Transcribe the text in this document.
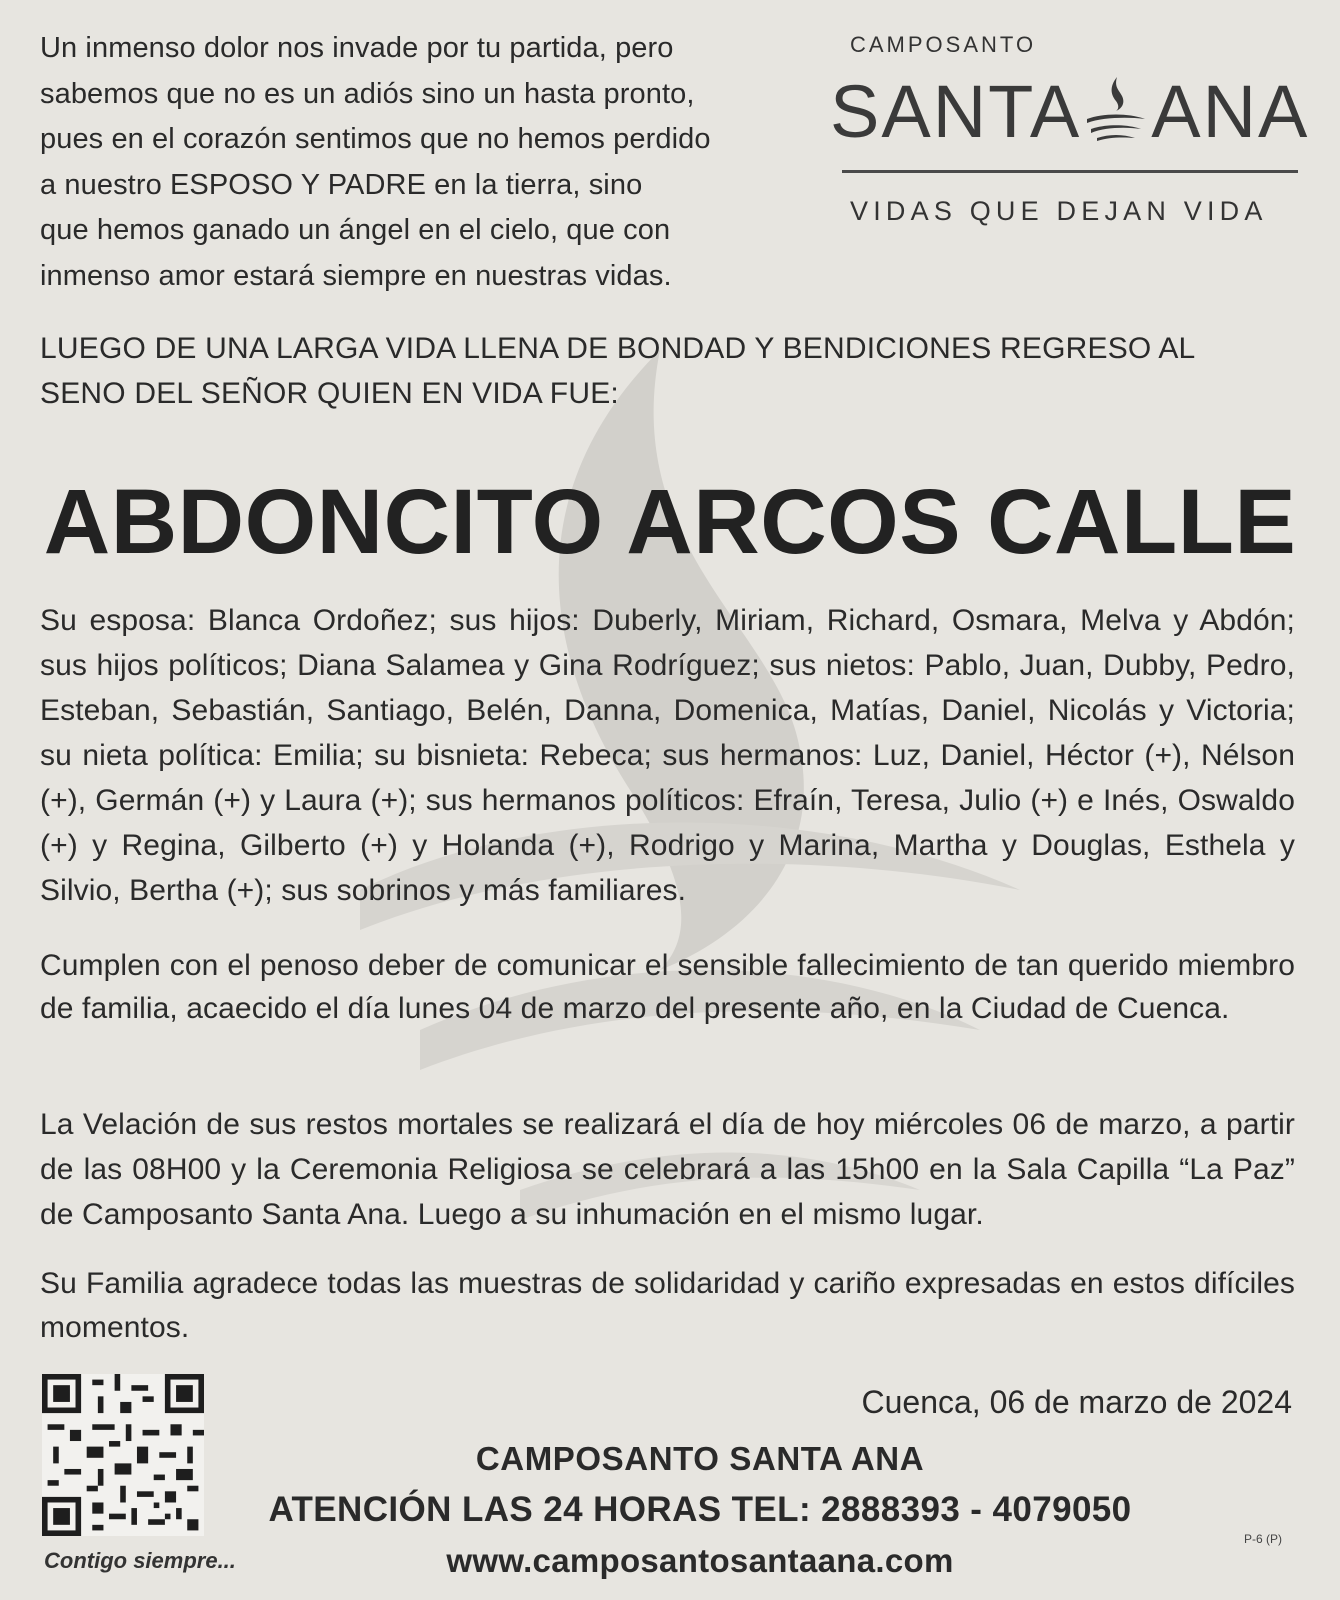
Un inmenso dolor nos invade por tu partida, pero
sabemos que no es un adiós sino un hasta pronto,
pues en el corazón sentimos que no hemos perdido
a nuestro ESPOSO Y PADRE en la tierra, sino
que hemos ganado un ángel en el cielo, que con
inmenso amor estará siempre en nuestras vidas.

CAMPOSANTO

SANTA ANA

VIDAS QUE DEJAN VIDA

LUEGO DE UNA LARGA VIDA LLENA DE BONDAD Y BENDICIONES REGRESO AL
SENO DEL SEÑOR QUIEN EN VIDA FUE:

ABDONCITO ARCOS CALLE

Su esposa: Blanca Ordoñez; sus hijos: Duberly, Miriam, Richard, Osmara, Melva y Abdón; sus hijos políticos; Diana Salamea y Gina Rodríguez; sus nietos: Pablo, Juan, Dubby, Pedro, Esteban, Sebastián, Santiago, Belén, Danna, Domenica, Matías, Daniel, Nicolás y Victoria; su nieta política: Emilia; su bisnieta: Rebeca; sus hermanos: Luz, Daniel, Héctor (+), Nélson (+), Germán (+) y Laura (+); sus hermanos políticos: Efraín, Teresa, Julio (+) e Inés, Oswaldo (+) y Regina, Gilberto (+) y Holanda (+), Rodrigo y Marina, Martha y Douglas, Esthela y Silvio, Bertha (+); sus sobrinos y más familiares.

Cumplen con el penoso deber de comunicar el sensible fallecimiento de tan querido miembro de familia, acaecido el día lunes 04 de marzo del presente año, en la Ciudad de Cuenca.

La Velación de sus restos mortales se realizará el día de hoy miércoles 06 de marzo, a partir de las 08H00 y la Ceremonia Religiosa se celebrará a las 15h00 en la Sala Capilla “La Paz” de Camposanto Santa Ana. Luego a su inhumación en el mismo lugar.

Su Familia agradece todas las muestras de solidaridad y cariño expresadas en estos difíciles momentos.

Contigo siempre...

Cuenca, 06 de marzo de 2024

CAMPOSANTO SANTA ANA

ATENCIÓN LAS 24 HORAS TEL: 2888393 - 4079050

www.camposantosantaana.com

P-6 (P)
